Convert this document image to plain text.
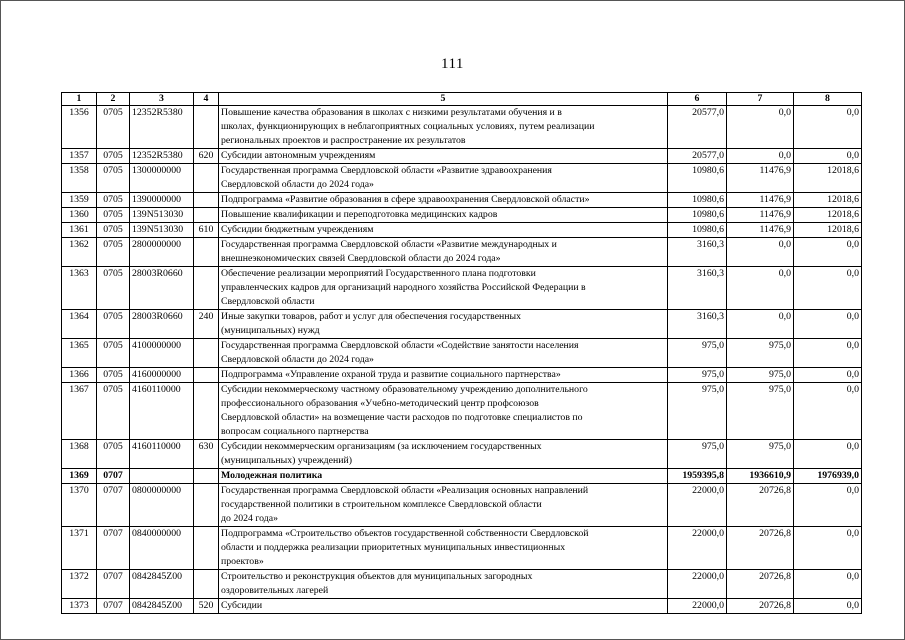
111
1	2	3	4	5	6	7	8
1356	0705	12352R5380		Повышение качества образования в школах с низкими результатами обучения и в
школах, функционирующих в неблагоприятных социальных условиях, путем реализации
региональных проектов и распространение их результатов	20577,0	0,0	0,0
1357	0705	12352R5380	620	Субсидии автономным учреждениям	20577,0	0,0	0,0
1358	0705	1300000000		Государственная программа Свердловской области «Развитие здравоохранения
Свердловской области до 2024 года»	10980,6	11476,9	12018,6
1359	0705	1390000000		Подпрограмма «Развитие образования в сфере здравоохранения Свердловской области»	10980,6	11476,9	12018,6
1360	0705	139N513030		Повышение квалификации и переподготовка медицинских кадров	10980,6	11476,9	12018,6
1361	0705	139N513030	610	Субсидии бюджетным учреждениям	10980,6	11476,9	12018,6
1362	0705	2800000000		Государственная программа Свердловской области «Развитие международных и
внешнеэкономических связей Свердловской области до 2024 года»	3160,3	0,0	0,0
1363	0705	28003R0660		Обеспечение реализации мероприятий Государственного плана подготовки
управленческих кадров для организаций народного хозяйства Российской Федерации в
Свердловской области	3160,3	0,0	0,0
1364	0705	28003R0660	240	Иные закупки товаров, работ и услуг для обеспечения государственных
(муниципальных) нужд	3160,3	0,0	0,0
1365	0705	4100000000		Государственная программа Свердловской области «Содействие занятости населения
Свердловской области до 2024 года»	975,0	975,0	0,0
1366	0705	4160000000		Подпрограмма «Управление охраной труда и развитие социального партнерства»	975,0	975,0	0,0
1367	0705	4160110000		Субсидии некоммерческому частному образовательному учреждению дополнительного
профессионального образования «Учебно-методический центр профсоюзов
Свердловской области» на возмещение части расходов по подготовке специалистов по
вопросам социального партнерства	975,0	975,0	0,0
1368	0705	4160110000	630	Субсидии некоммерческим организациям (за исключением государственных
(муниципальных) учреждений)	975,0	975,0	0,0
1369	0707			Молодежная политика	1959395,8	1936610,9	1976939,0
1370	0707	0800000000		Государственная программа Свердловской области «Реализация основных направлений
государственной политики в строительном комплексе Свердловской области
до 2024 года»	22000,0	20726,8	0,0
1371	0707	0840000000		Подпрограмма «Строительство объектов государственной собственности Свердловской
области и поддержка реализации приоритетных муниципальных инвестиционных
проектов»	22000,0	20726,8	0,0
1372	0707	0842845Z00		Строительство и реконструкция объектов для муниципальных загородных
оздоровительных лагерей	22000,0	20726,8	0,0
1373	0707	0842845Z00	520	Субсидии	22000,0	20726,8	0,0
